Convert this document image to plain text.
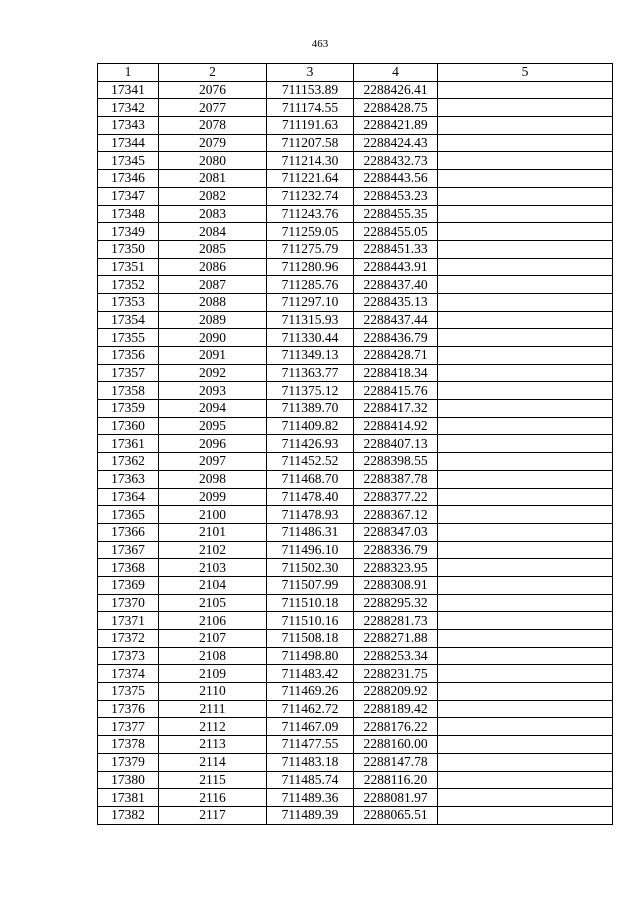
463
1	2	3	4	5
17341	2076	711153.89	2288426.41	
17342	2077	711174.55	2288428.75	
17343	2078	711191.63	2288421.89	
17344	2079	711207.58	2288424.43	
17345	2080	711214.30	2288432.73	
17346	2081	711221.64	2288443.56	
17347	2082	711232.74	2288453.23	
17348	2083	711243.76	2288455.35	
17349	2084	711259.05	2288455.05	
17350	2085	711275.79	2288451.33	
17351	2086	711280.96	2288443.91	
17352	2087	711285.76	2288437.40	
17353	2088	711297.10	2288435.13	
17354	2089	711315.93	2288437.44	
17355	2090	711330.44	2288436.79	
17356	2091	711349.13	2288428.71	
17357	2092	711363.77	2288418.34	
17358	2093	711375.12	2288415.76	
17359	2094	711389.70	2288417.32	
17360	2095	711409.82	2288414.92	
17361	2096	711426.93	2288407.13	
17362	2097	711452.52	2288398.55	
17363	2098	711468.70	2288387.78	
17364	2099	711478.40	2288377.22	
17365	2100	711478.93	2288367.12	
17366	2101	711486.31	2288347.03	
17367	2102	711496.10	2288336.79	
17368	2103	711502.30	2288323.95	
17369	2104	711507.99	2288308.91	
17370	2105	711510.18	2288295.32	
17371	2106	711510.16	2288281.73	
17372	2107	711508.18	2288271.88	
17373	2108	711498.80	2288253.34	
17374	2109	711483.42	2288231.75	
17375	2110	711469.26	2288209.92	
17376	2111	711462.72	2288189.42	
17377	2112	711467.09	2288176.22	
17378	2113	711477.55	2288160.00	
17379	2114	711483.18	2288147.78	
17380	2115	711485.74	2288116.20	
17381	2116	711489.36	2288081.97	
17382	2117	711489.39	2288065.51	
